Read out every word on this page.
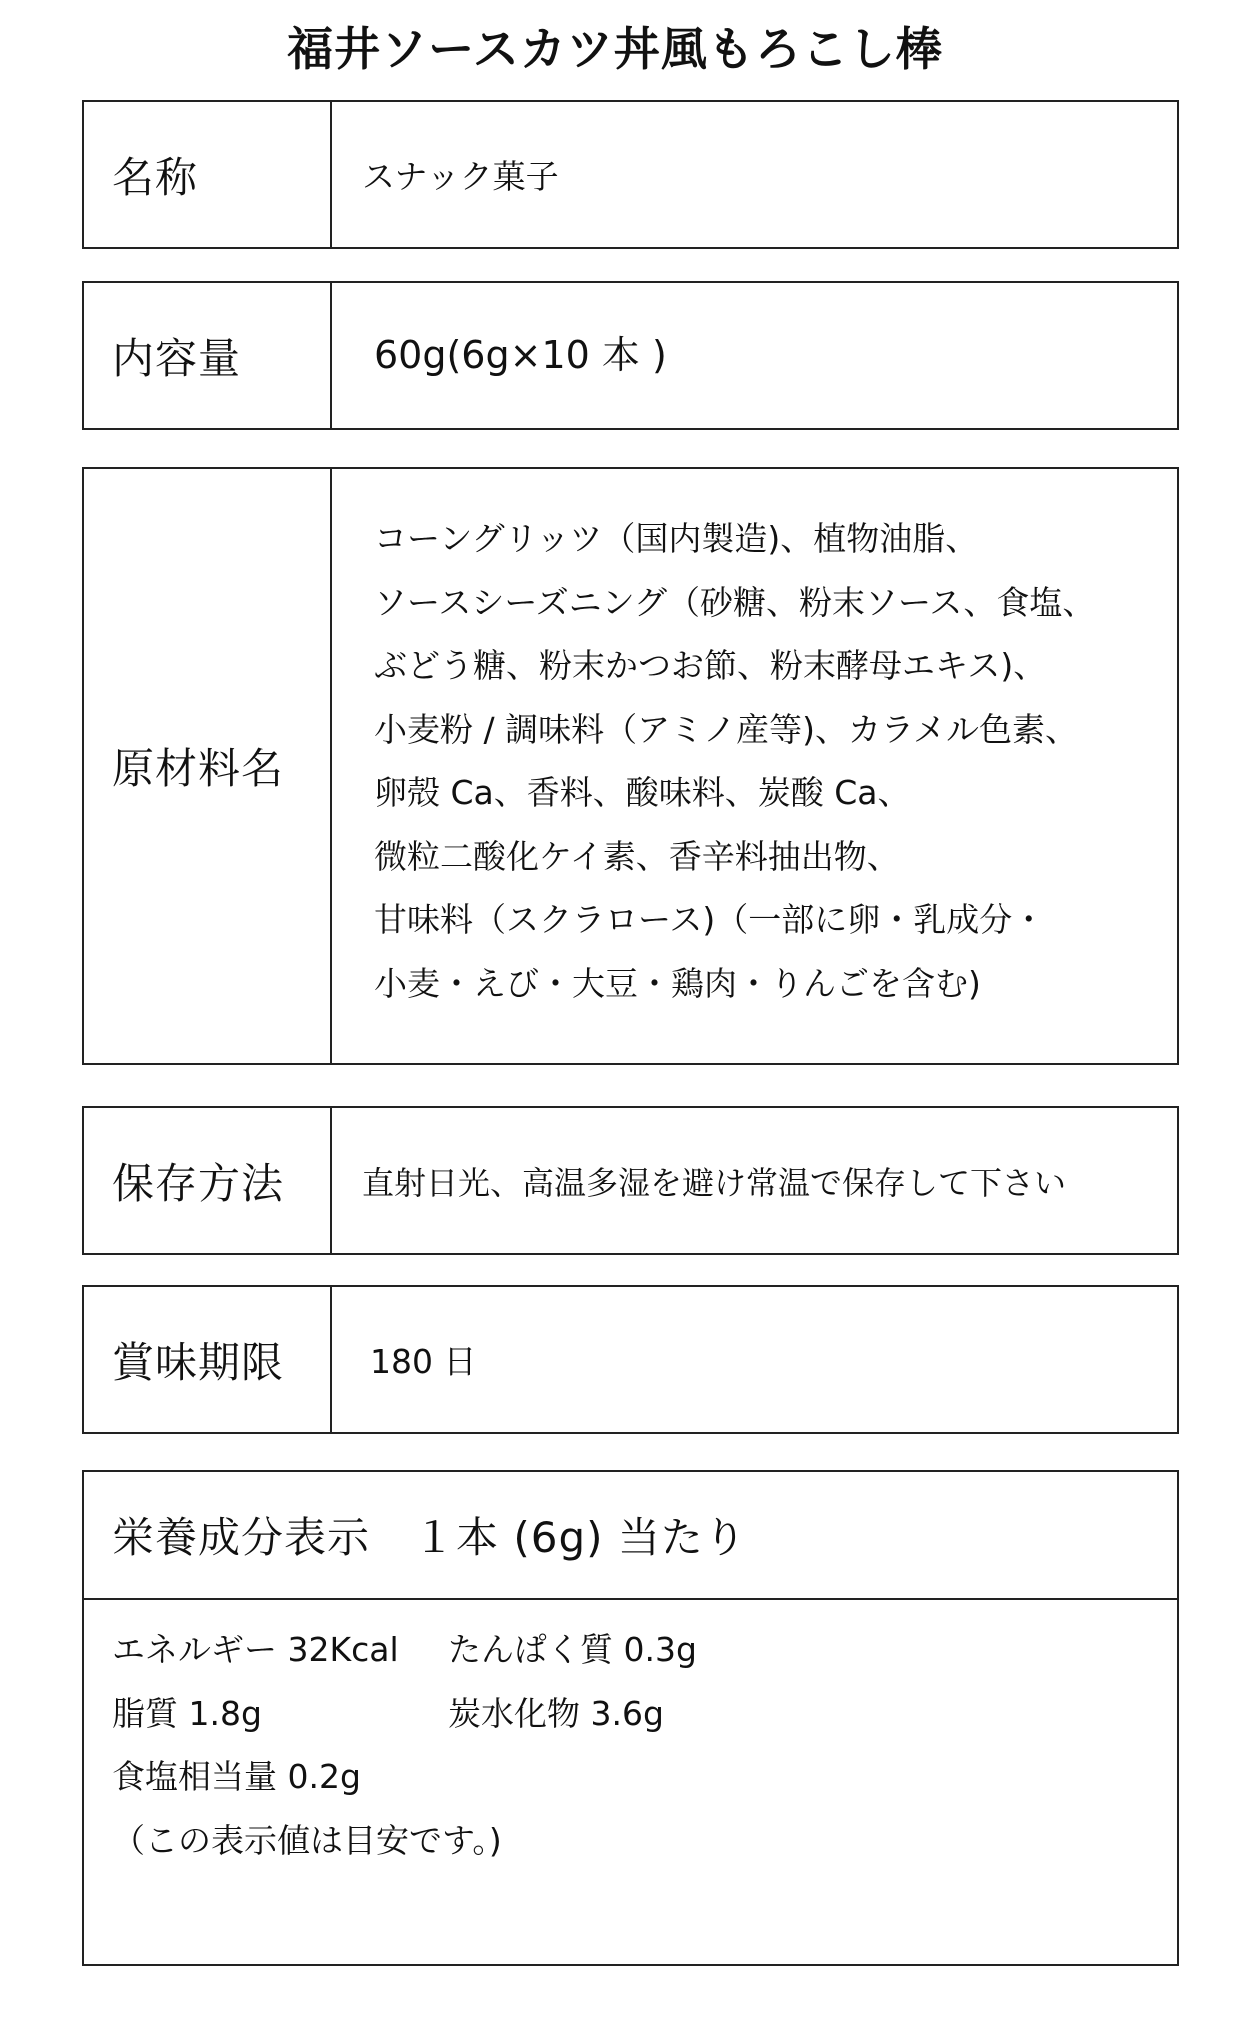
福井ソースカツ丼風もろこし棒
名称	スナック菓子
内容量	60g(6g×10 本 )
原材料名
コーングリッツ（国内製造)、植物油脂、
ソースシーズニング（砂糖、粉末ソース、食塩、
ぶどう糖、粉末かつお節、粉末酵母エキス)、
小麦粉 / 調味料（アミノ産等)、カラメル色素、
卵殻 Ca、香料、酸味料、炭酸 Ca、
微粒二酸化ケイ素、香辛料抽出物、
甘味料（スクラロース)（一部に卵・乳成分・
小麦・えび・大豆・鶏肉・りんごを含む)
保存方法	直射日光、高温多湿を避け常温で保存して下さい
賞味期限	180 日
栄養成分表示　１本 (6g) 当たり
エネルギー 32Kcal	たんぱく質 0.3g
脂質 1.8g	炭水化物 3.6g
食塩相当量 0.2g
（この表示値は目安です。)
